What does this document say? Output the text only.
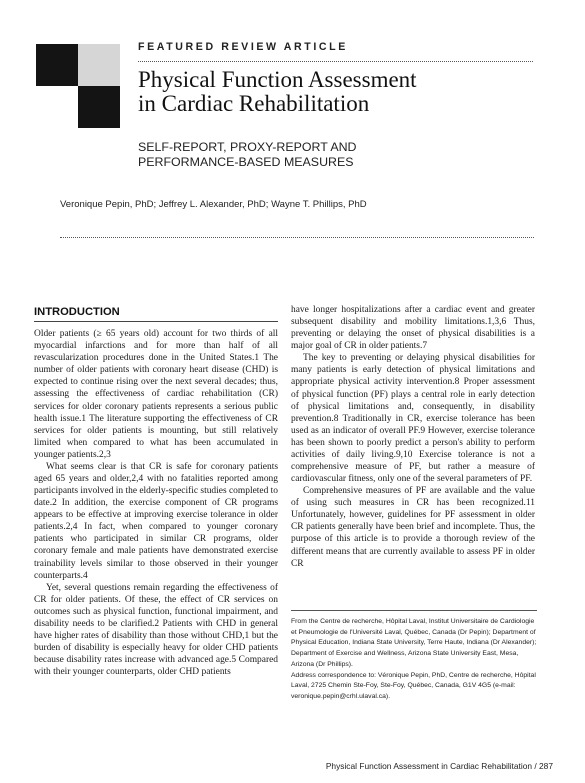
FEATURED REVIEW ARTICLE
Physical Function Assessment
in Cardiac Rehabilitation
SELF-REPORT, PROXY-REPORT AND
PERFORMANCE-BASED MEASURES
Veronique Pepin, PhD; Jeffrey L. Alexander, PhD; Wayne T. Phillips, PhD
INTRODUCTION

Older patients (≥ 65 years old) account for two thirds of all myocardial infarctions and for more than half of all revascularization procedures done in the United States.1 The number of older patients with coronary heart disease (CHD) is expected to continue rising over the next several decades; thus, assessing the effectiveness of cardiac rehabilitation (CR) services for older coronary patients represents a serious public health issue.1 The literature supporting the effectiveness of CR services for older patients is mounting, but still relatively limited when compared to what has been accumulated in younger patients.2,3

What seems clear is that CR is safe for coronary patients aged 65 years and older,2,4 with no fatalities reported among participants involved in the elderly-specific studies completed to date.2 In addition, the exercise component of CR programs appears to be effective at improving exercise tolerance in older patients.2,4 In fact, when compared to younger coronary patients who participated in similar CR programs, older coronary female and male patients have demonstrated exercise trainability levels similar to those observed in their younger counterparts.4

Yet, several questions remain regarding the effectiveness of CR for older patients. Of these, the effect of CR services on outcomes such as physical function, functional impairment, and disability needs to be clarified.2 Patients with CHD in general have higher rates of disability than those without CHD,1 but the burden of disability is especially heavy for older CHD patients because disability rates increase with advanced age.5 Compared with their younger counterparts, older CHD patients

have longer hospitalizations after a cardiac event and greater subsequent disability and mobility limitations.1,3,6 Thus, preventing or delaying the onset of physical disabilities is a major goal of CR in older patients.7

The key to preventing or delaying physical disabilities for many patients is early detection of physical limitations and appropriate physical activity intervention.8 Proper assessment of physical function (PF) plays a central role in early detection of physical limitations and, consequently, in disability prevention.8 Traditionally in CR, exercise tolerance has been used as an indicator of overall PF.9 However, exercise tolerance has been shown to poorly predict a person's ability to perform activities of daily living.9,10 Exercise tolerance is not a comprehensive measure of PF, but rather a measure of cardiovascular fitness, only one of the several parameters of PF.

Comprehensive measures of PF are available and the value of using such measures in CR has been recognized.11 Unfortunately, however, guidelines for PF assessment in older CR patients generally have been brief and incomplete. Thus, the purpose of this article is to provide a thorough review of the different means that are currently available to assess PF in older CR

From the Centre de recherche, Hôpital Laval, Institut Universitaire de Cardiologie et Pneumologie de l'Université Laval, Québec, Canada (Dr Pepin); Department of Physical Education, Indiana State University, Terre Haute, Indiana (Dr Alexander); Department of Exercise and Wellness, Arizona State University East, Mesa, Arizona (Dr Phillips).

Address correspondence to: Véronique Pepin, PhD, Centre de recherche, Hôpital Laval, 2725 Chemin Ste-Foy, Ste-Foy, Québec, Canada, G1V 4G5 (e-mail: veronique.pepin@crhl.ulaval.ca).

Physical Function Assessment in Cardiac Rehabilitation / 287
